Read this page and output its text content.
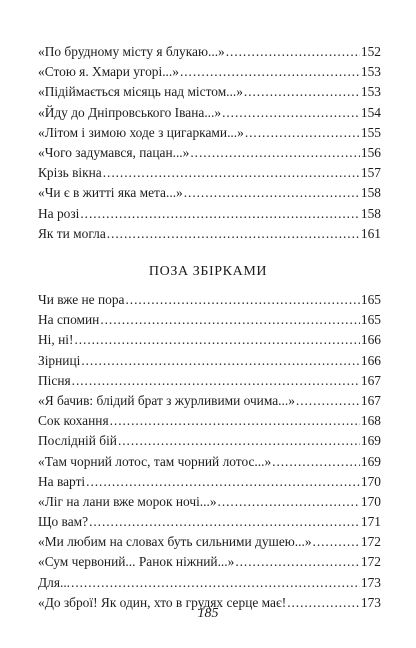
«По брудному місту я блукаю...» . . .	152
«Стою я. Хмари угорі...» . . .	153
«Підіймається місяць над містом...» . . .	153
«Йду до Дніпровського Івана...» . . .	154
«Літом і зимою ходе з цигарками...» . . .	155
«Чого задумався, пацан...» . . .	156
Крізь вікна . . .	157
«Чи є в житті яка мета...» . . .	158
На розі . . .	158
Як ти могла . . .	161
ПОЗА ЗБІРКАМИ
Чи вже не пора . . .	165
На спомин . . .	165
Ні, ні! . . .	166
Зірниці . . .	166
Пісня . . .	167
«Я бачив: блідий брат з журливими очима...» . . .	167
Сок кохання . . .	168
Послідній бій . . .	169
«Там чорний лотос, там чорний лотос...» . . .	169
На варті . . .	170
«Ліг на лани вже морок ночі...» . . .	170
Що вам? . . .	171
«Ми любим на словах буть сильними душею...» . . .	172
«Сум червоний... Ранок ніжний...» . . .	172
Для... . . .	173
«До зброї! Як один, хто в грудях серце має! . . .	173
185
